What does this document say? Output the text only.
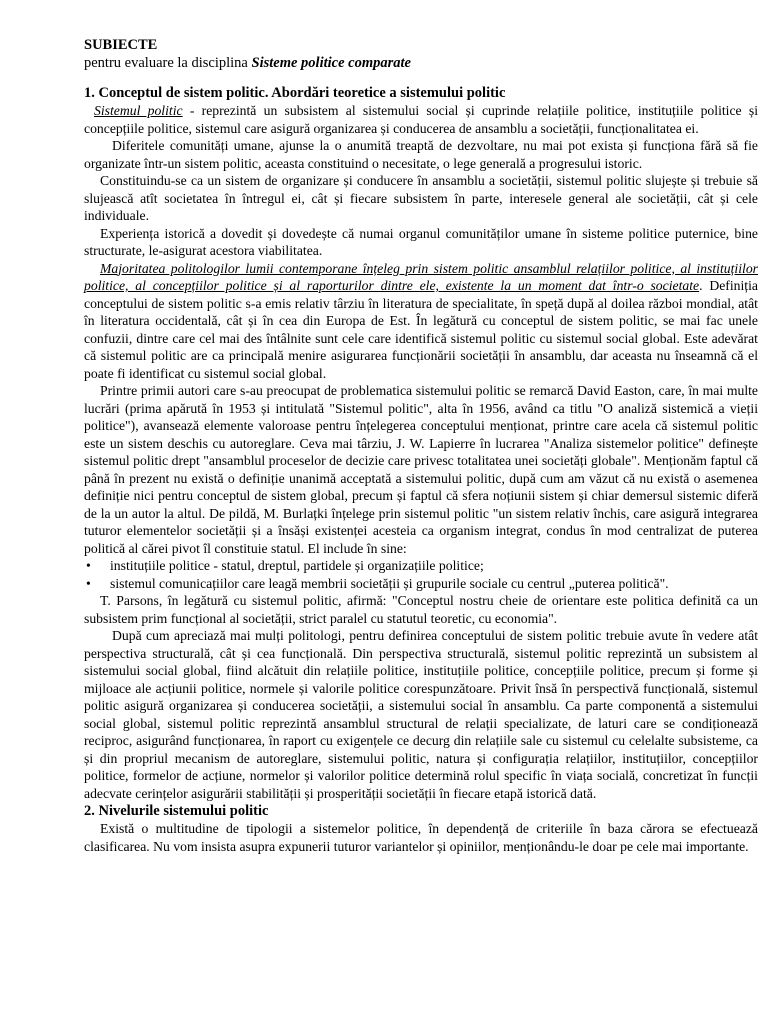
SUBIECTE

pentru evaluare la disciplina Sisteme politice comparate

1. Conceptul de sistem politic. Abordări teoretice a sistemului politic

Sistemul politic - reprezintă un subsistem al sistemului social și cuprinde relațiile politice, instituțiile politice și concepțiile politice, sistemul care asigură organizarea și conducerea de ansamblu a societății, funcționalitatea ei.

Diferitele comunități umane, ajunse la o anumită treaptă de dezvoltare, nu mai pot exista și funcționa fără să fie organizate într-un sistem politic, aceasta constituind o necesitate, o lege generală a progresului istoric.

Constituindu-se ca un sistem de organizare și conducere în ansamblu a societății, sistemul politic slujește și trebuie să slujească atît societatea în întregul ei, cât și fiecare subsistem în parte, interesele general ale societății, cât și cele individuale.

Experiența istorică a dovedit și dovedește că numai organul comunităților umane în sisteme politice puternice, bine structurate, le-asigurat acestora viabilitatea.

Majoritatea politologilor lumii contemporane înțeleg prin sistem politic ansamblul relațiilor politice, al instituțiilor politice, al concepțiilor politice și al raporturilor dintre ele, existente la un moment dat într-o societate. Definiția conceptului de sistem politic s-a emis relativ târziu în literatura de specialitate, în speță după al doilea război mondial, atât în literatura occidentală, cât și în cea din Europa de Est. În legătură cu conceptul de sistem politic, se mai fac unele confuzii, dintre care cel mai des întâlnite sunt cele care identifică sistemul politic cu sistemul social global. Este adevărat că sistemul politic are ca principală menire asigurarea funcționării societății în ansamblu, dar aceasta nu înseamnă că el poate fi identificat cu sistemul social global.

Printre primii autori care s-au preocupat de problematica sistemului politic se remarcă David Easton, care, în mai multe lucrări (prima apărută în 1953 și intitulată "Sistemul politic", alta în 1956, având ca titlu "O analiză sistemică a vieții politice"), avansează elemente valoroase pentru înțelegerea conceptului menționat, printre care acela că sistemul politic este un sistem deschis cu autoreglare. Ceva mai târziu, J. W. Lapierre în lucrarea "Analiza sistemelor politice" definește sistemul politic drept "ansamblul proceselor de decizie care privesc totalitatea unei societăți globale". Menționăm faptul că până în prezent nu există o definiție unanimă acceptată a sistemului politic, după cum am văzut că nu există o asemenea definiție nici pentru conceptul de sistem global, precum și faptul că sfera noțiunii sistem și chiar demersul sistemic diferă de la un autor la altul. De pildă, M. Burlațki înțelege prin sistemul politic "un sistem relativ închis, care asigură integrarea tuturor elementelor societății și a însăși existenței acesteia ca organism integrat, condus în mod centralizat de puterea politică al cărei pivot îl constituie statul. El include în sine:

• instituțiile politice - statul, dreptul, partidele și organizațiile politice;
• sistemul comunicațiilor care leagă membrii societății și grupurile sociale cu centrul „puterea politică".

T. Parsons, în legătură cu sistemul politic, afirmă: "Conceptul nostru cheie de orientare este politica definită ca un subsistem prim funcțional al societății, strict paralel cu statutul teoretic, cu economia".

După cum apreciază mai mulți politologi, pentru definirea conceptului de sistem politic trebuie avute în vedere atât perspectiva structurală, cât și cea funcțională. Din perspectiva structurală, sistemul politic reprezintă un subsistem al sistemului social global, fiind alcătuit din relațiile politice, instituțiile politice, concepțiile politice, precum și forme și mijloace ale acțiunii politice, normele și valorile politice corespunzătoare. Privit însă în perspectivă funcțională, sistemul politic asigură organizarea și conducerea societății, a sistemului social în ansamblu. Ca parte componentă a sistemului social global, sistemul politic reprezintă ansamblul structural de relații specializate, de laturi care se condiționează reciproc, asigurând funcționarea, în raport cu exigențele ce decurg din relațiile sale cu sistemul cu celelalte subsisteme, ca și din propriul mecanism de autoreglare, sistemului politic, natura și configurația relațiilor, instituțiilor, concepțiilor politice, formelor de acțiune, normelor și valorilor politice determină rolul specific în viața socială, concretizat în funcții adecvate cerințelor asigurării stabilității și prosperității societății în fiecare etapă istorică dată.

2. Nivelurile sistemului politic

Există o multitudine de tipologii a sistemelor politice, în dependență de criteriile în baza cărora se efectuează clasificarea. Nu vom insista asupra expunerii tuturor variantelor și opiniilor, menționându-le doar pe cele mai importante.
